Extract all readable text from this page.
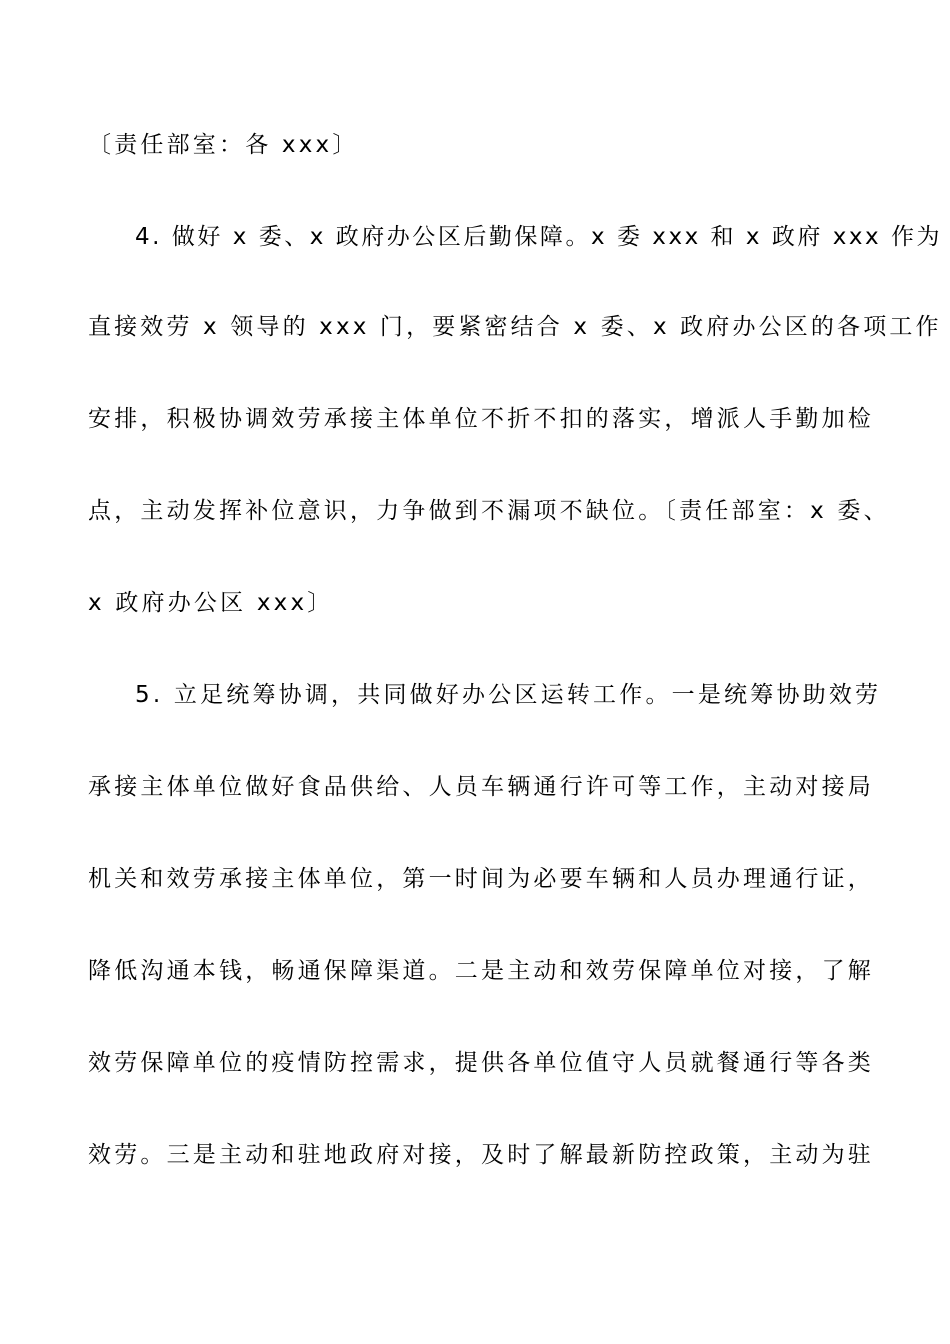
〔责任部室：各 xxx〕
4. 做好 x 委、x 政府办公区后勤保障。x 委 xxx 和 x 政府 xxx 作为
直接效劳 x 领导的 xxx 门，要紧密结合 x 委、x 政府办公区的各项工作
安排，积极协调效劳承接主体单位不折不扣的落实，增派人手勤加检
点，主动发挥补位意识，力争做到不漏项不缺位。〔责任部室：x 委、
x 政府办公区 xxx〕
5. 立足统筹协调，共同做好办公区运转工作。一是统筹协助效劳
承接主体单位做好食品供给、人员车辆通行许可等工作，主动对接局
机关和效劳承接主体单位，第一时间为必要车辆和人员办理通行证，
降低沟通本钱，畅通保障渠道。二是主动和效劳保障单位对接，了解
效劳保障单位的疫情防控需求，提供各单位值守人员就餐通行等各类
效劳。三是主动和驻地政府对接，及时了解最新防控政策，主动为驻
